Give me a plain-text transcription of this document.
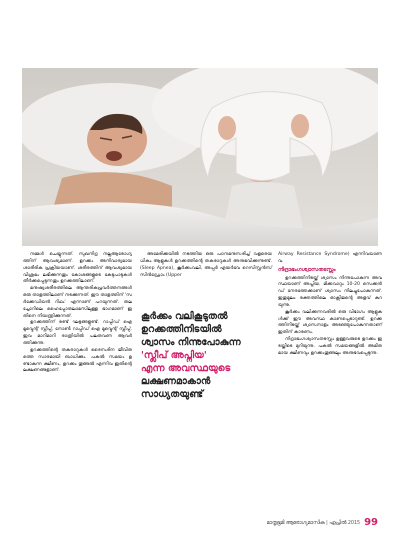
നമ്മൾ ചെയ്യുന്നത്. സുഖനിദ്ര നല്ലആരോഗ്യത്തിന് ആവശ്യമാണ്. ഉറക്കം അനിവാര്യമായ ശാരീരിക പ്രക്രിയയാണ്. ശരീരത്തിന് ആവശ്യമായ വിശ്രമം ലഭിക്കുന്നതും കോശങ്ങളുടെ കേടുപാടുകൾ തീർക്കപ്പെടുന്നതും ഉറക്കത്തിലാണ്.

മനുഷ്യശരീരത്തിലെ ആന്തരികപ്രവർത്തനങ്ങൾ ഒരു താളത്തിലാണ് നടക്കുന്നത്. ഈ താളത്തിന് 'സർക്കേഡിയൻ റിഥം' എന്നാണ് പറയുന്നത്. തലച്ചോറിലെ ഹൈപ്പോതലാമസിലുള്ള ഭാഗമാണ് ഇതിനെ നിയന്ത്രിക്കുന്നത്.

ഉറക്കത്തിന് രണ്ട് ഘട്ടങ്ങളുണ്ട്. റാപ്പിഡ് ഐ മൂവ്മെന്റ് സ്ലീപ്പ്, നോൺ റാപ്പിഡ് ഐ മൂവ്മെന്റ് സ്ലീപ്പ്. ഇവ മാറിമാറി രാത്രിയിൽ പലതവണ ആവർത്തിക്കുന്നു.

ഉറക്കത്തിന്റെ തകരാറുകൾ ദൈനംദിന ജീവിതത്തെ സാരമായി ബാധിക്കും. പകൽ സമയം ഉണ്ടാകുന്ന ക്ഷീണം, ഉറക്കം തൂങ്ങൽ എന്നിവ ഇതിന്റെ ലക്ഷണങ്ങളാണ്.

അമേരിക്കയിൽ നടത്തിയ ഒരു പഠനമനുസരിച്ച് വളരെയധികം ആളുകൾ ഉറക്കത്തിന്റെ തകരാറുകൾ അനുഭവിക്കുന്നുണ്ട്. (Sleep Apnea), കൂർക്കംവലി, അപ്പർ എയർവേ റെസിസ്റ്റൻസ് സിൻഡ്രോം (Upper

കൂർക്കം വലികൂടുതൽ
ഉറക്കത്തിനിടയിൽ
ശ്വാസം നിന്നുപോകുന്ന
'സ്ലീപ് അപ്നിയ'
എന്ന അവസ്ഥയുടെ
ലക്ഷണമാകാൻ
സാധ്യതയുണ്ട്

Airway Resistance Syndrome) എന്നിവയാണവ.

നിദ്രാഭംഗശ്വാസതടസ്സം

ഉറക്കത്തിനിടയ്ക്ക് ശ്വാസം നിന്നുപോകുന്ന അവസ്ഥയാണ് അപ്നിയ. മിക്കവാറും 10-20 സെക്കൻഡ് നേരത്തേക്കാണ് ശ്വാസം നിലച്ചുപോകുന്നത്. ഇതുമൂലം രക്തത്തിലെ ഓക്സിജന്റെ അളവ് കുറയുന്നു.

കൂർക്കം വലിക്കുന്നവരിൽ ഒരു വിഭാഗം ആളുകൾക്ക് ഈ അവസ്ഥ കാണപ്പെടാറുണ്ട്. ഉറക്കത്തിനിടയ്ക്ക് ശ്വാസനാളം അടഞ്ഞുപോകുന്നതാണ് ഇതിന് കാരണം.

നിദ്രാഭംഗശ്വാസതടസ്സം ഉള്ളവരുടെ ഉറക്കം ഇടയ്ക്കിടെ മുറിയുന്നു. പകൽ സമയങ്ങളിൽ അമിതമായ ക്ഷീണവും ഉറക്കംതൂങ്ങലും അനുഭവപ്പെടുന്നു.

മാതൃഭൂമി ആരോഗ്യമാസിക | ഏപ്രിൽ 2015 99
